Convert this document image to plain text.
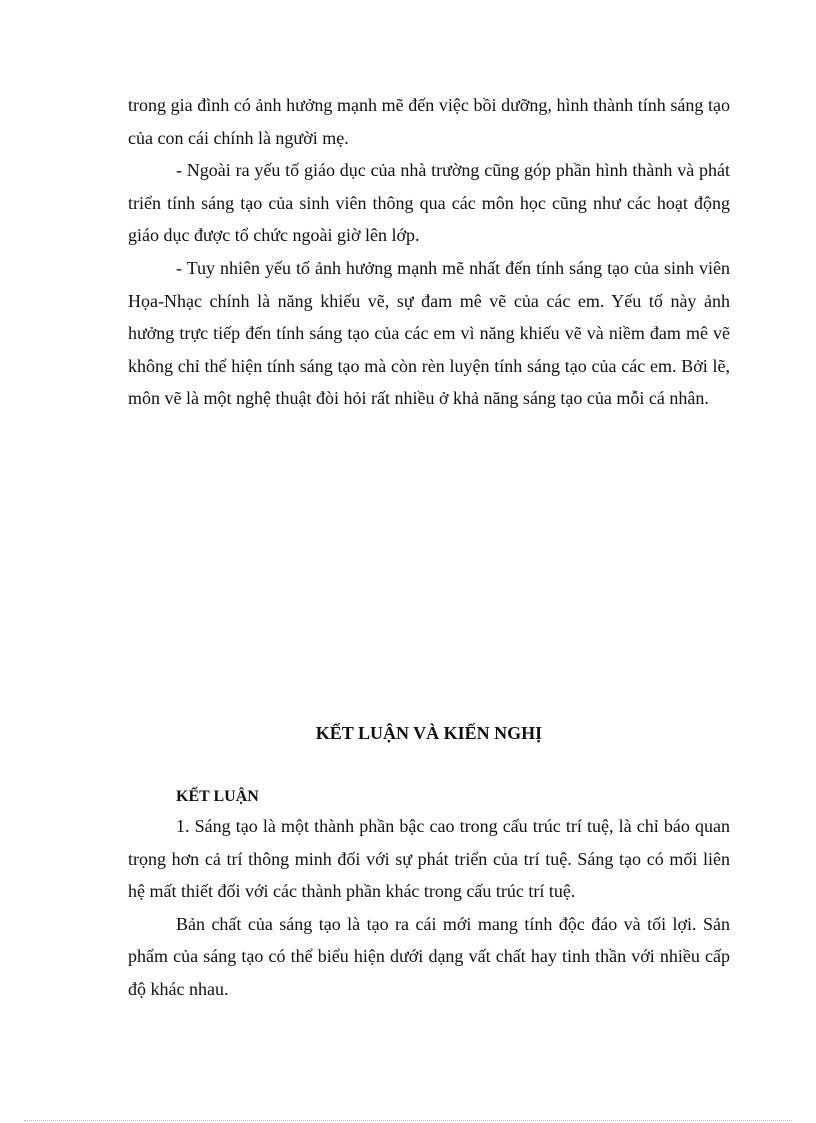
trong gia đình có ảnh hưởng mạnh mẽ đến việc bồi dưỡng, hình thành tính sáng tạo của con cái chính là người mẹ.

- Ngoài ra yếu tố giáo dục của nhà trường cũng góp phần hình thành và phát triển tính sáng tạo của sinh viên thông qua các môn học cũng như các hoạt động giáo dục được tổ chức ngoài giờ lên lớp.

- Tuy nhiên yếu tố ảnh hưởng mạnh mẽ nhất đến tính sáng tạo của sinh viên Họa-Nhạc chính là năng khiếu vẽ, sự đam mê vẽ của các em. Yếu tố này ảnh hưởng trực tiếp đến tính sáng tạo của các em vì năng khiếu vẽ và niềm đam mê vẽ không chỉ thể hiện tính sáng tạo mà còn rèn luyện tính sáng tạo của các em. Bởi lẽ, môn vẽ là một nghệ thuật đòi hỏi rất nhiều ở khả năng sáng tạo của mỗi cá nhân.

KẾT LUẬN VÀ KIẾN NGHỊ
KẾT LUẬN

1. Sáng tạo là một thành phần bậc cao trong cấu trúc trí tuệ, là chỉ báo quan trọng hơn cả trí thông minh đối với sự phát triển của trí tuệ. Sáng tạo có mối liên hệ mất thiết đối với các thành phần khác trong cấu trúc trí tuệ.

Bản chất của sáng tạo là tạo ra cái mới mang tính độc đáo và tối lợi. Sản phẩm của sáng tạo có thể biểu hiện dưới dạng vất chất hay tinh thần với nhiều cấp độ khác nhau.
